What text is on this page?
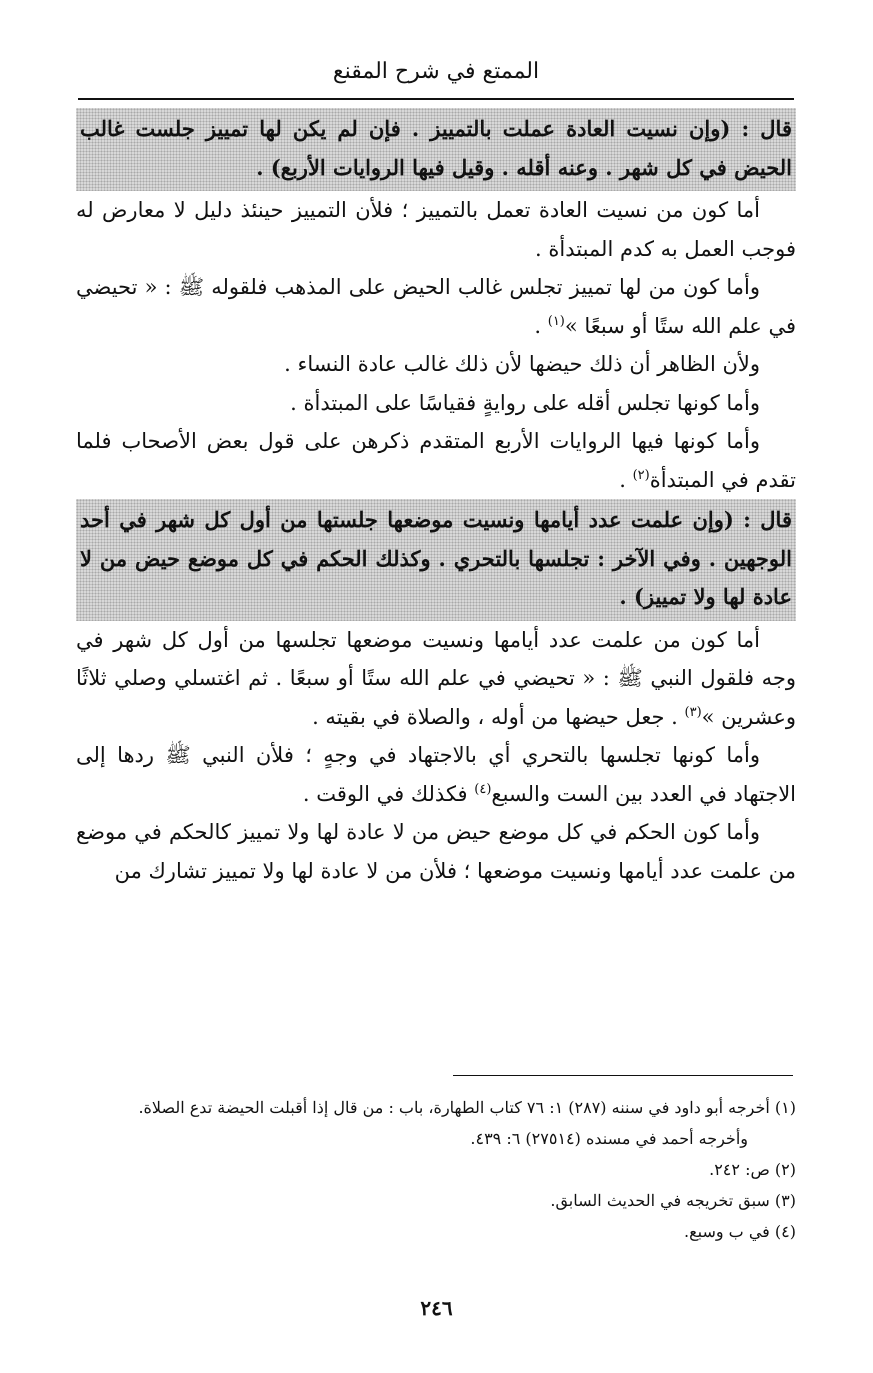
الممتع في شرح المقنع

قال : (وإن نسيت العادة عملت بالتمييز . فإن لم يكن لها تمييز جلست غالب الحيض في كل شهر . وعنه أقله . وقيل فيها الروايات الأربع) .

أما كون من نسيت العادة تعمل بالتمييز ؛ فلأن التمييز حينئذ دليل لا معارض له فوجب العمل به كدم المبتدأة .

وأما كون من لها تمييز تجلس غالب الحيض على المذهب فلقوله ﷺ : « تحيضي في علم الله ستًا أو سبعًا »$^{(١)}$ .

ولأن الظاهر أن ذلك حيضها لأن ذلك غالب عادة النساء .

وأما كونها تجلس أقله على روايةٍ فقياسًا على المبتدأة .

وأما كونها فيها الروايات الأربع المتقدم ذكرهن على قول بعض الأصحاب فلما تقدم في المبتدأة$^{(٢)}$ .

قال : (وإن علمت عدد أيامها ونسيت موضعها جلستها من أول كل شهر في أحد الوجهين . وفي الآخر : تجلسها بالتحري . وكذلك الحكم في كل موضع حيض من لا عادة لها ولا تمييز) .

أما كون من علمت عدد أيامها ونسيت موضعها تجلسها من أول كل شهر في وجه فلقول النبي ﷺ : « تحيضي في علم الله ستًا أو سبعًا . ثم اغتسلي وصلي ثلاثًا وعشرين »$^{(٣)}$ . جعل حيضها من أوله ، والصلاة في بقيته .

وأما كونها تجلسها بالتحري أي بالاجتهاد في وجهٍ ؛ فلأن النبي ﷺ ردها إلى الاجتهاد في العدد بين الست والسبع$^{(٤)}$ فكذلك في الوقت .

وأما كون الحكم في كل موضع حيض من لا عادة لها ولا تمييز كالحكم في موضع من علمت عدد أيامها ونسيت موضعها ؛ فلأن من لا عادة لها ولا تمييز تشارك من

(١) أخرجه أبو داود في سننه (٢٨٧) ١: ٧٦ كتاب الطهارة، باب : من قال إذا أقبلت الحيضة تدع الصلاة.

وأخرجه أحمد في مسنده (٢٧٥١٤) ٦: ٤٣٩.

(٢) ص: ٢٤٢.

(٣) سبق تخريجه في الحديث السابق.

(٤) في ب وسبع.

٢٤٦
